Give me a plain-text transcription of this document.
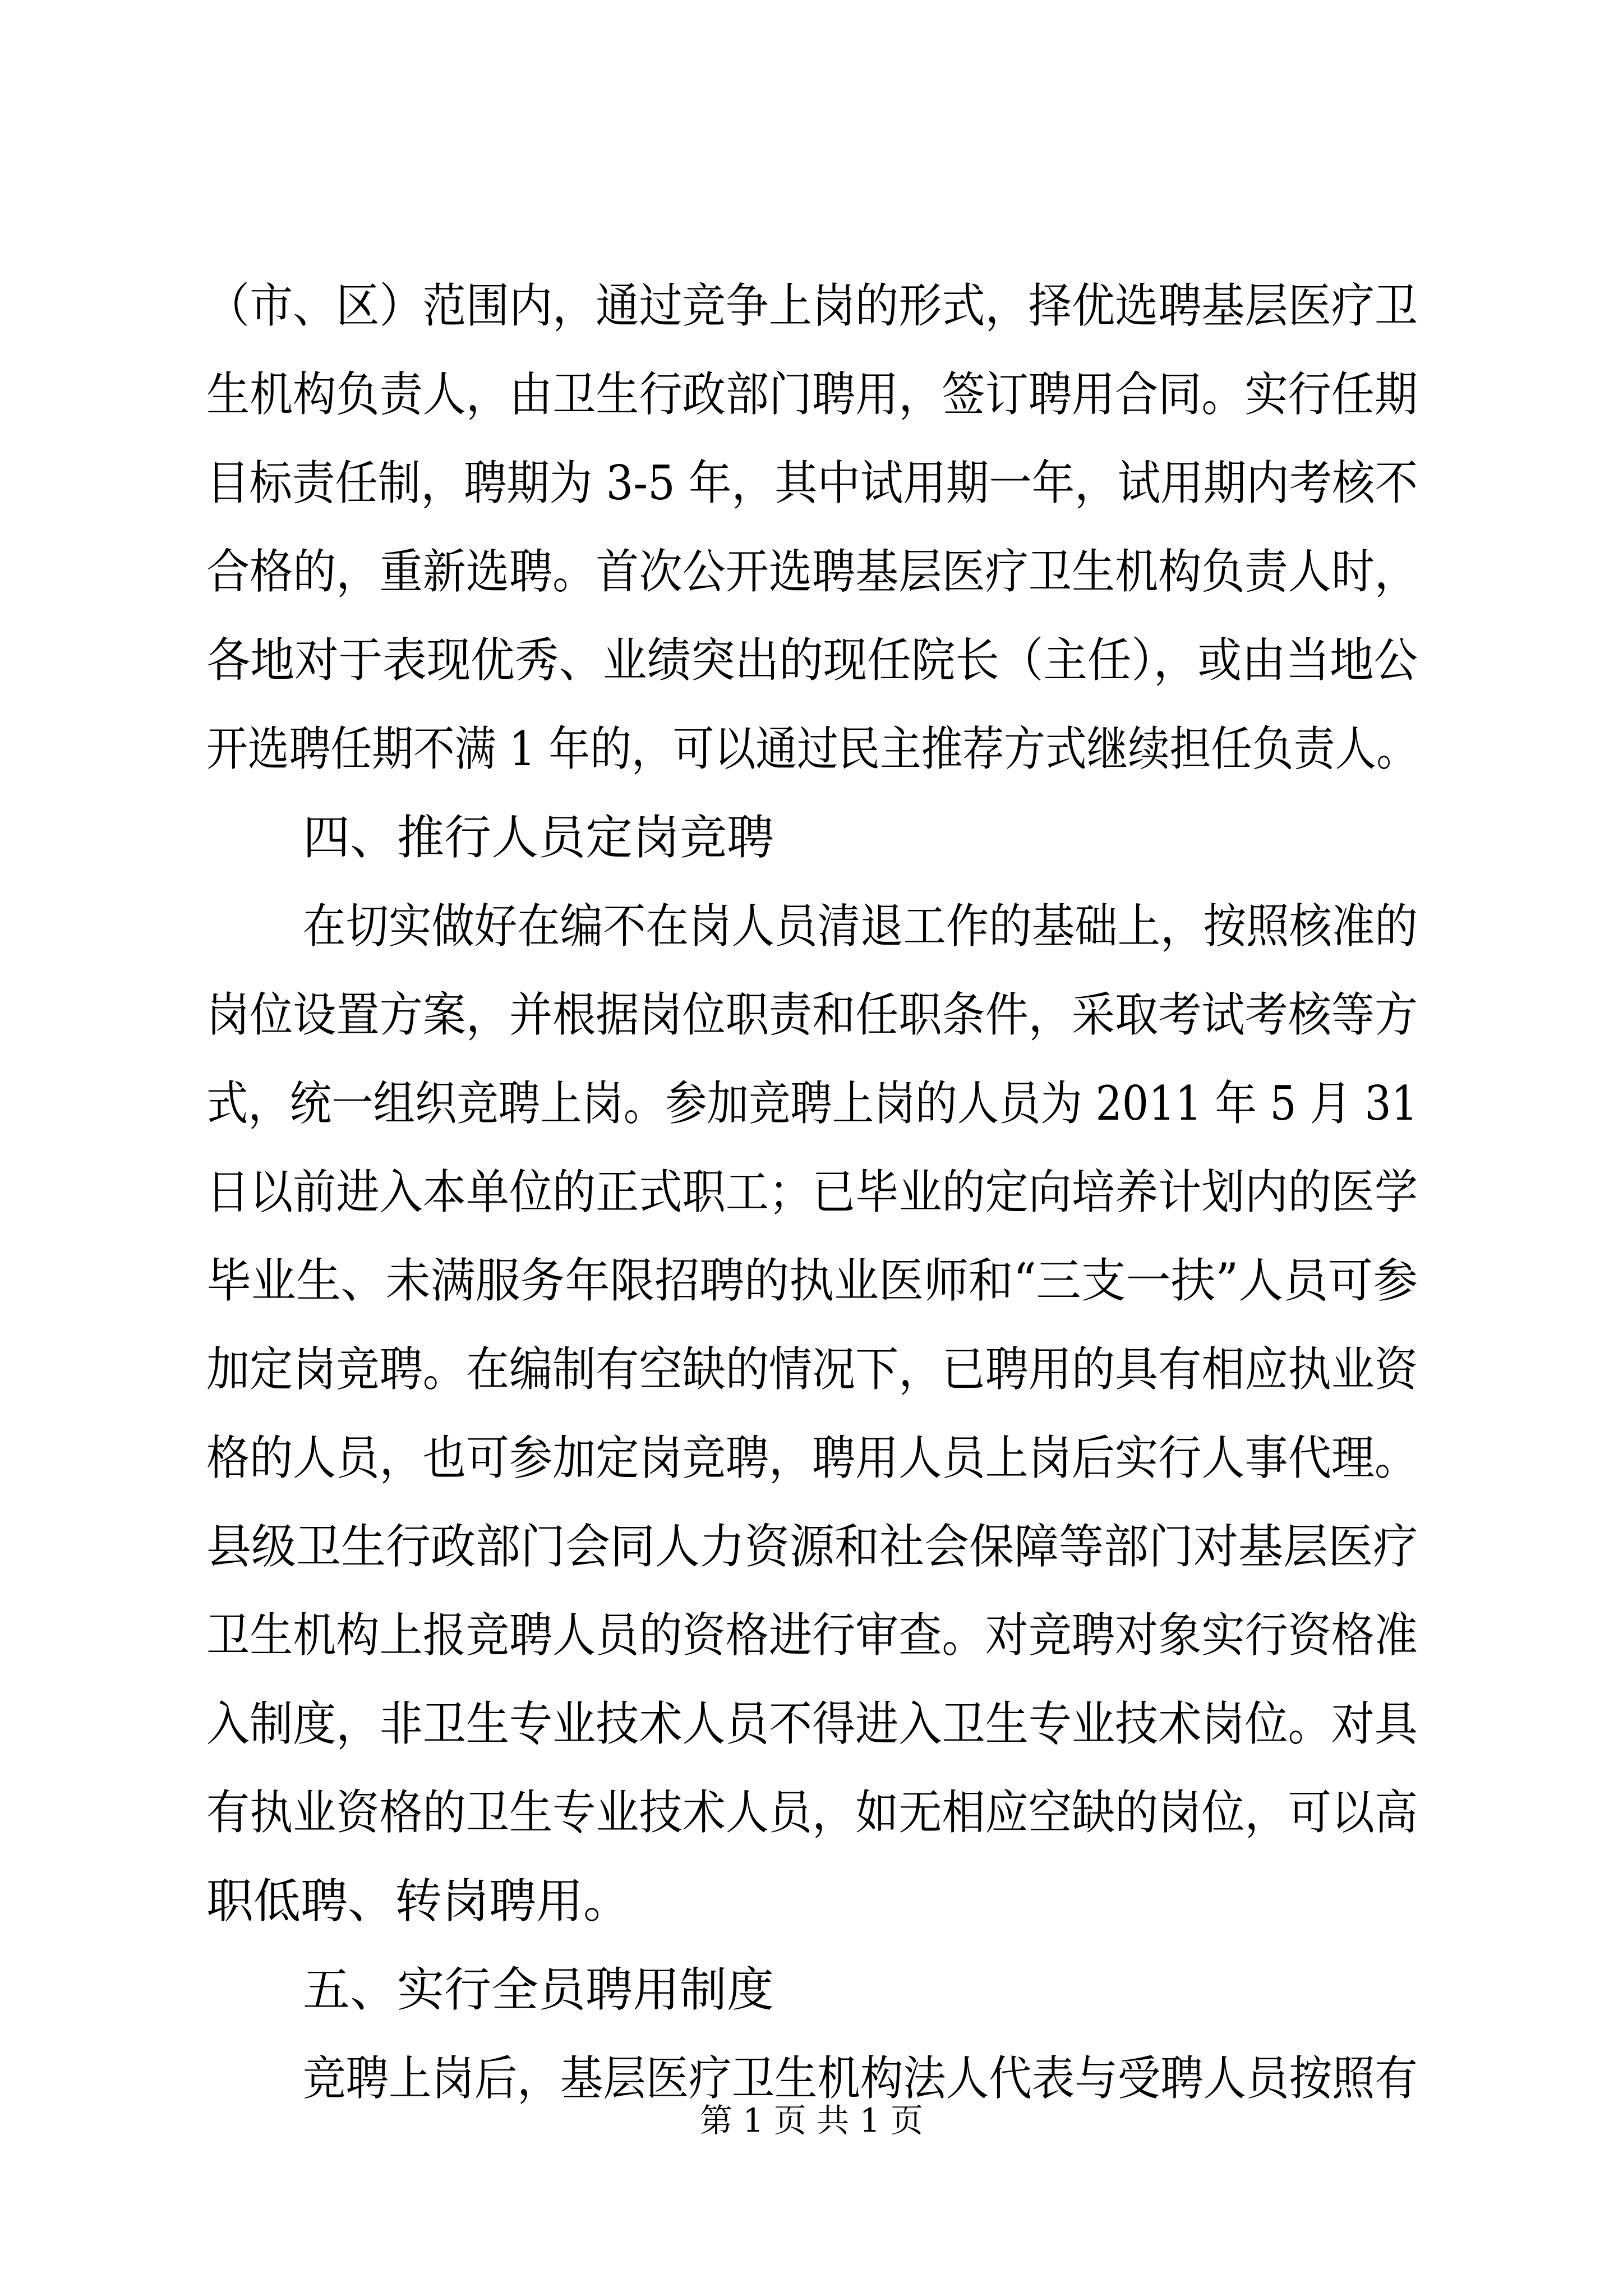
（市、区）范围内，通过竞争上岗的形式，择优选聘基层医疗卫
生机构负责人，由卫生行政部门聘用，签订聘用合同。实行任期
目标责任制，聘期为 3-5 年，其中试用期一年，试用期内考核不
合格的，重新选聘。首次公开选聘基层医疗卫生机构负责人时，
各地对于表现优秀、业绩突出的现任院长（主任），或由当地公
开选聘任期不满 1 年的，可以通过民主推荐方式继续担任负责人。
四、推行人员定岗竞聘
在切实做好在编不在岗人员清退工作的基础上，按照核准的
岗位设置方案，并根据岗位职责和任职条件，采取考试考核等方
式，统一组织竞聘上岗。参加竞聘上岗的人员为 2011 年 5 月 31
日以前进入本单位的正式职工；已毕业的定向培养计划内的医学
毕业生、未满服务年限招聘的执业医师和“三支一扶”人员可参
加定岗竞聘。在编制有空缺的情况下，已聘用的具有相应执业资
格的人员，也可参加定岗竞聘，聘用人员上岗后实行人事代理。
县级卫生行政部门会同人力资源和社会保障等部门对基层医疗
卫生机构上报竞聘人员的资格进行审查。对竞聘对象实行资格准
入制度，非卫生专业技术人员不得进入卫生专业技术岗位。对具
有执业资格的卫生专业技术人员，如无相应空缺的岗位，可以高
职低聘、转岗聘用。
五、实行全员聘用制度
竞聘上岗后，基层医疗卫生机构法人代表与受聘人员按照有
第 1 页 共 1 页
